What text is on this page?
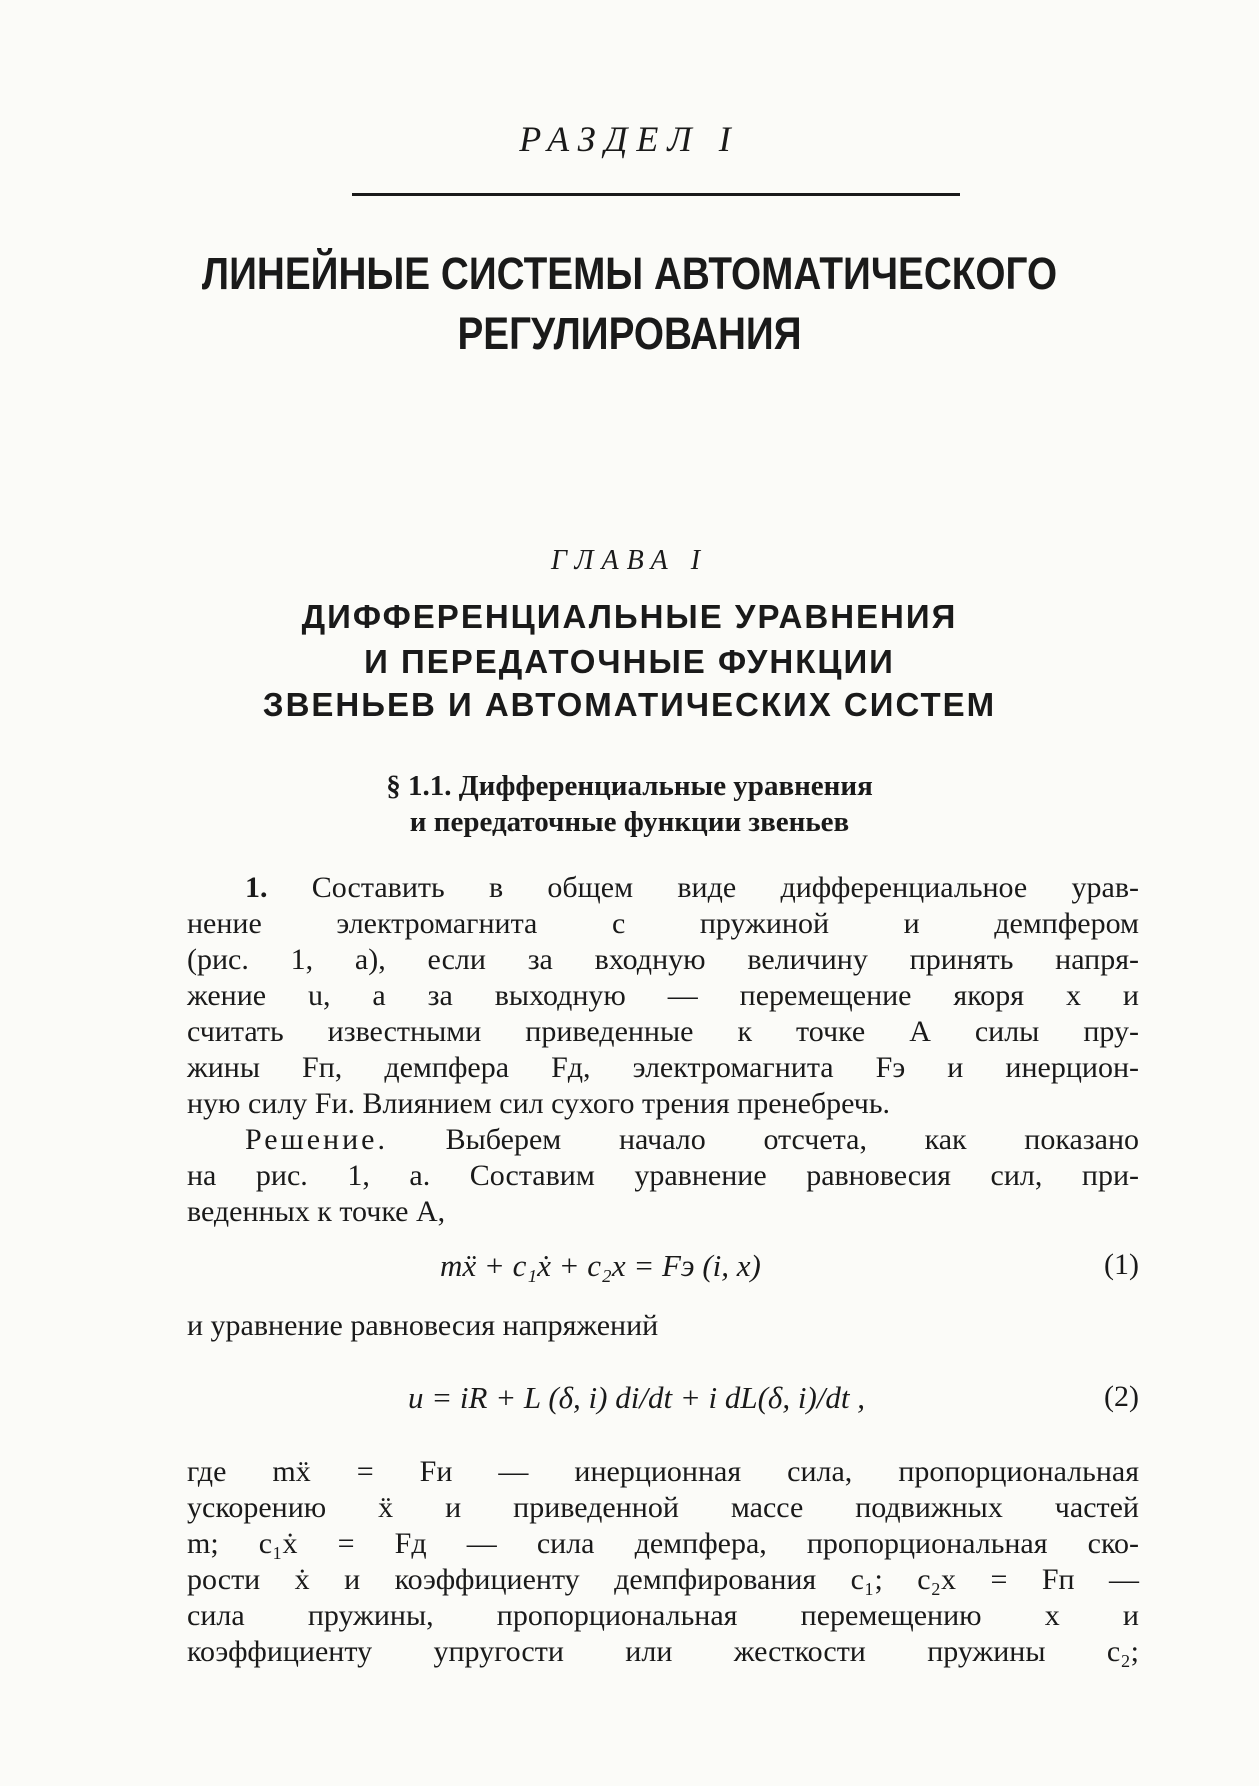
РАЗДЕЛ I
ЛИНЕЙНЫЕ СИСТЕМЫ АВТОМАТИЧЕСКОГО
РЕГУЛИРОВАНИЯ
ГЛАВА I
ДИФФЕРЕНЦИАЛЬНЫЕ УРАВНЕНИЯ
И ПЕРЕДАТОЧНЫЕ ФУНКЦИИ
ЗВЕНЬЕВ И АВТОМАТИЧЕСКИХ СИСТЕМ
§ 1.1. Дифференциальные уравнения
и передаточные функции звеньев
1. Составить в общем виде дифференциальное урав-
нение электромагнита с пружиной и демпфером
(рис. 1, а), если за входную величину принять напря-
жение u, а за выходную — перемещение якоря x и
считать известными приведенные к точке А силы пру-
жины Fп, демпфера Fд, электромагнита Fэ и инерцион-
ную силу Fи. Влиянием сил сухого трения пренебречь.
Решение. Выберем начало отсчета, как показано
на рис. 1, а. Составим уравнение равновесия сил, при-
веденных к точке А,
mẍ + c₁ẋ + c₂x = Fэ (i, x)	(1)
и уравнение равновесия напряжений
u = iR + L (δ, i) di/dt + i dL(δ, i)/dt ,	(2)
где mẍ = Fи — инерционная сила, пропорциональная
ускорению ẍ и приведенной массе подвижных частей
m; c₁ẋ = Fд — сила демпфера, пропорциональная ско-
рости ẋ и коэффициенту демпфирования c₁; c₂x = Fп —
сила пружины, пропорциональная перемещению x и
коэффициенту упругости или жесткости пружины c₂;
